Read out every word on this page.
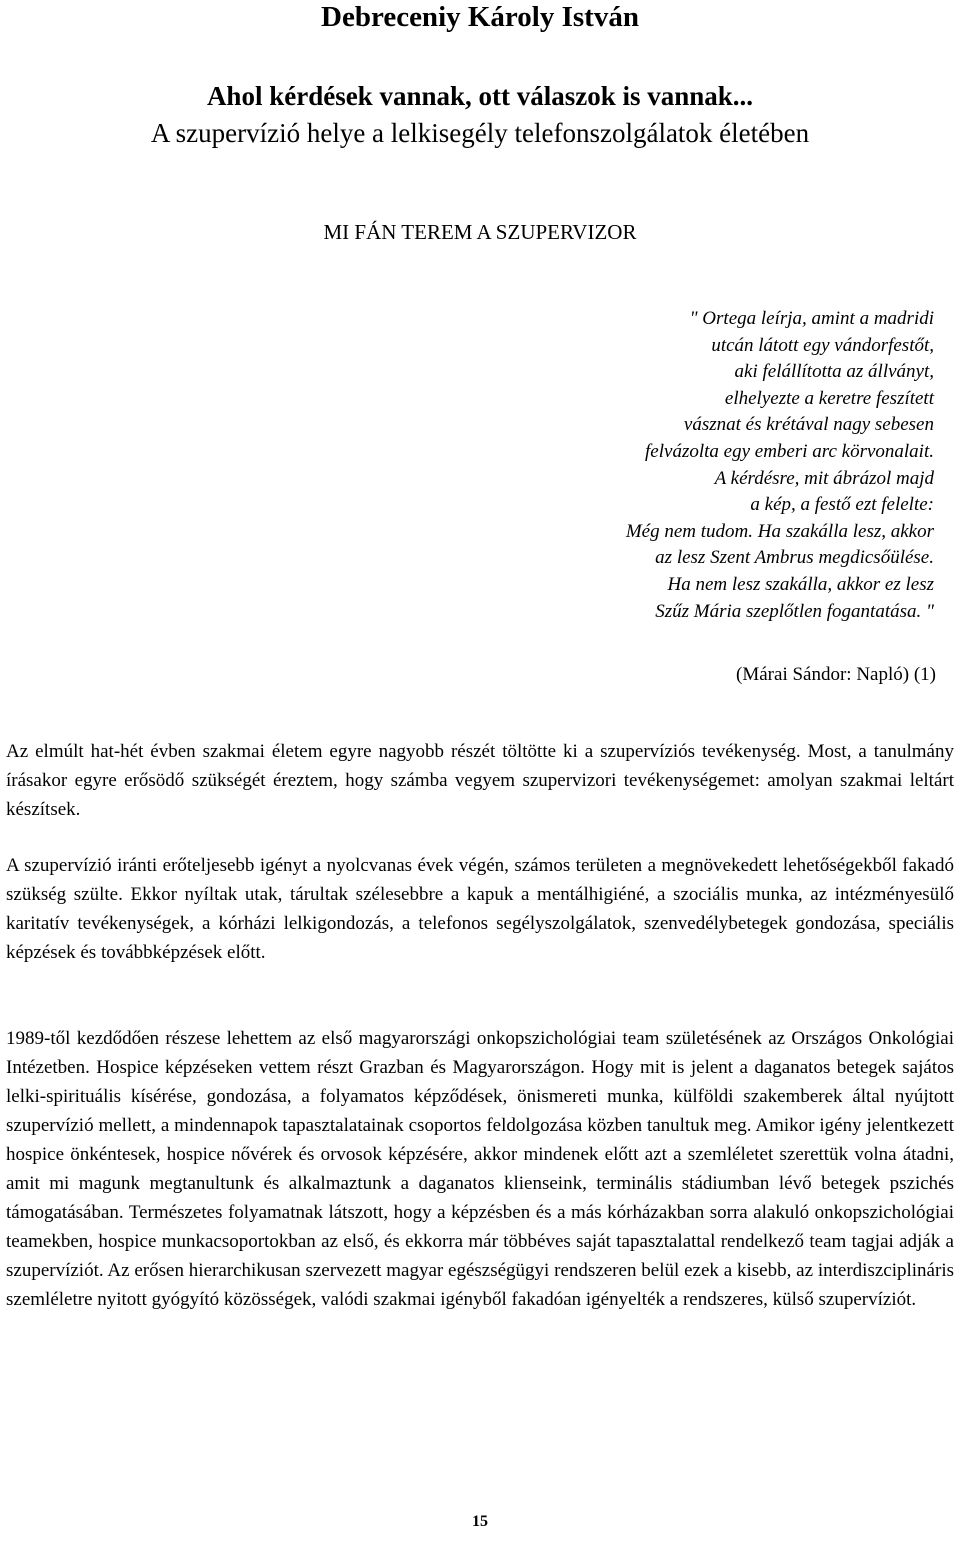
Debreceniy Károly István
Ahol kérdések vannak, ott válaszok is vannak...
A szupervízió helye a lelkisegély telefonszolgálatok életében
MI FÁN TEREM A SZUPERVIZOR
" Ortega leírja, amint a madridi
utcán látott egy vándorfestőt,
aki felállította az állványt,
elhelyezte a keretre feszített
vásznat és krétával nagy sebesen
felvázolta egy emberi arc körvonalait.
A kérdésre, mit ábrázol majd
a kép, a festő ezt felelte:
Még nem tudom. Ha szakálla lesz, akkor
az lesz Szent Ambrus megdicsőülése.
Ha nem lesz szakálla, akkor ez lesz
Szűz Mária szeplőtlen fogantatása. "
(Márai Sándor: Napló) (1)

Az elmúlt hat-hét évben szakmai életem egyre nagyobb részét töltötte ki a szupervíziós tevékenység. Most, a tanulmány írásakor egyre erősödő szükségét éreztem, hogy számba vegyem szupervizori tevékenységemet: amolyan szakmai leltárt készítsek.

A szupervízió iránti erőteljesebb igényt a nyolcvanas évek végén, számos területen a megnövekedett lehetőségekből fakadó szükség szülte. Ekkor nyíltak utak, tárultak szélesebbre a kapuk a mentálhigiéné, a szociális munka, az intézményesülő karitatív tevékenységek, a kórházi lelkigondozás, a telefonos segélyszolgálatok, szenvedélybetegek gondozása, speciális képzések és továbbképzések előtt.

1989-től kezdődően részese lehettem az első magyarországi onkopszichológiai team születésének az Országos Onkológiai Intézetben. Hospice képzéseken vettem részt Grazban és Magyarországon. Hogy mit is jelent a daganatos betegek sajátos lelki-spirituális kísérése, gondozása, a folyamatos képződések, önismereti munka, külföldi szakemberek által nyújtott szupervízió mellett, a mindennapok tapasztalatainak csoportos feldolgozása közben tanultuk meg. Amikor igény jelentkezett hospice önkéntesek, hospice nővérek és orvosok képzésére, akkor mindenek előtt azt a szemléletet szerettük volna átadni, amit mi magunk megtanultunk és alkalmaztunk a daganatos klienseink, terminális stádiumban lévő betegek pszichés támogatásában. Természetes folyamatnak látszott, hogy a képzésben és a más kórházakban sorra alakuló onkopszichológiai teamekben, hospice munkacsoportokban az első, és ekkorra már többéves saját tapasztalattal rendelkező team tagjai adják a szupervíziót. Az erősen hierarchikusan szervezett magyar egészségügyi rendszeren belül ezek a kisebb, az interdiszciplináris szemléletre nyitott gyógyító közösségek, valódi szakmai igényből fakadóan igényelték a rendszeres, külső szupervíziót.

15
